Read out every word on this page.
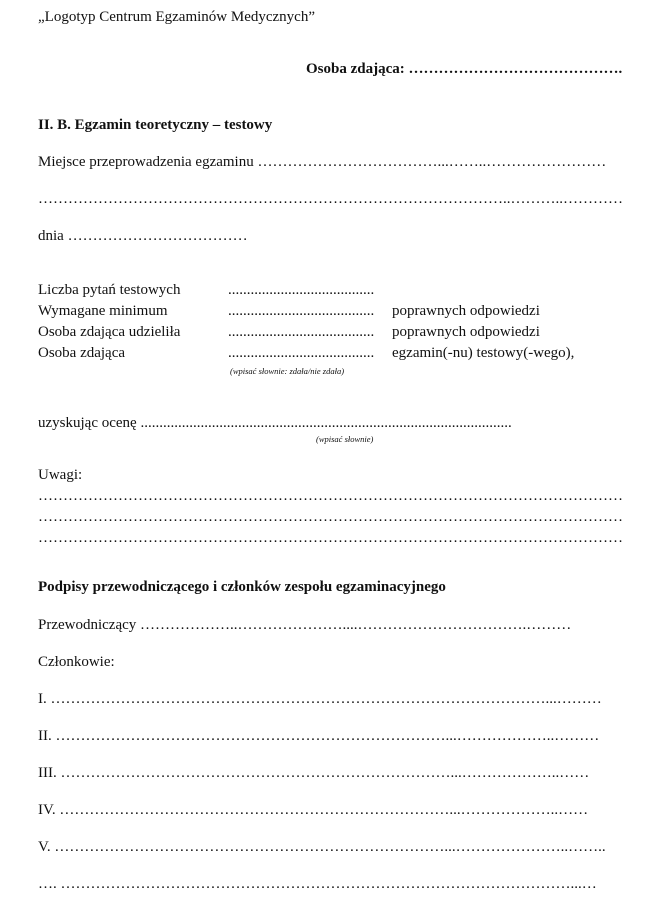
„Logotyp Centrum Egzaminów Medycznych”
Osoba zdająca: …………………………………….
II. B. Egzamin teoretyczny – testowy
Miejsce przeprowadzenia egzaminu ………………………………...……..……………………
…………………………………………………………………………………..………..…………
dnia ………………………………
Liczba pytań testowych	.......................................
Wymagane minimum	.......................................	poprawnych odpowiedzi
Osoba zdająca udzieliła	.......................................	poprawnych odpowiedzi
Osoba zdająca	.......................................	egzamin(-nu) testowy(-wego),
(wpisać słownie: zdała/nie zdała)
uzyskując ocenę ...................................................................................................
(wpisać słownie)
Uwagi:
………………………………………………………………………………………………………
………………………………………………………………………………………………………
………………………………………………………………………………………………………
Podpisy przewodniczącego i członków zespołu egzaminacyjnego
Przewodniczący ………………..…………………....…………………………….………
Członkowie:
I. ………………………………………………………………………………………...………
II. ……………………………………………………………………...………………..………
III. ……………………………………………………………………...………………..……
IV. ……………………………………………………………………...………………..……
V. ……………………………………………………………………...…………………..……..
…. …………………………………………………………………………………………...…
